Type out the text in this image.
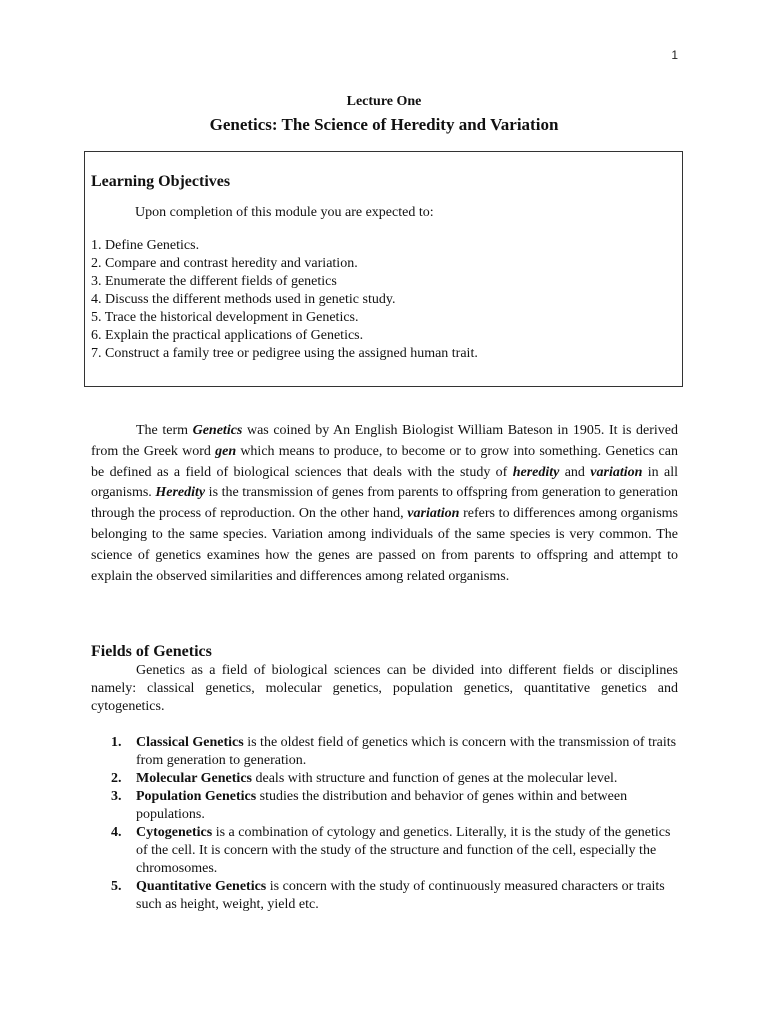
1
Lecture One
Genetics: The Science of Heredity and Variation
Learning Objectives

Upon completion of this module you are expected to:

1. Define Genetics.
2. Compare and contrast heredity and variation.
3. Enumerate the different fields of genetics
4. Discuss the different methods used in genetic study.
5. Trace the historical development in Genetics.
6. Explain the practical applications of Genetics.
7. Construct a family tree or pedigree using the assigned human trait.

The term Genetics was coined by An English Biologist William Bateson in 1905. It is derived from the Greek word gen which means to produce, to become or to grow into something. Genetics can be defined as a field of biological sciences that deals with the study of heredity and variation in all organisms. Heredity is the transmission of genes from parents to offspring from generation to generation through the process of reproduction. On the other hand, variation refers to differences among organisms belonging to the same species. Variation among individuals of the same species is very common. The science of genetics examines how the genes are passed on from parents to offspring and attempt to explain the observed similarities and differences among related organisms.

Fields of Genetics

Genetics as a field of biological sciences can be divided into different fields or disciplines namely: classical genetics, molecular genetics, population genetics, quantitative genetics and cytogenetics.

1. Classical Genetics is the oldest field of genetics which is concern with the transmission of traits from generation to generation.
2. Molecular Genetics deals with structure and function of genes at the molecular level.
3. Population Genetics studies the distribution and behavior of genes within and between populations.
4. Cytogenetics is a combination of cytology and genetics. Literally, it is the study of the genetics of the cell. It is concern with the study of the structure and function of the cell, especially the chromosomes.
5. Quantitative Genetics is concern with the study of continuously measured characters or traits such as height, weight, yield etc.
